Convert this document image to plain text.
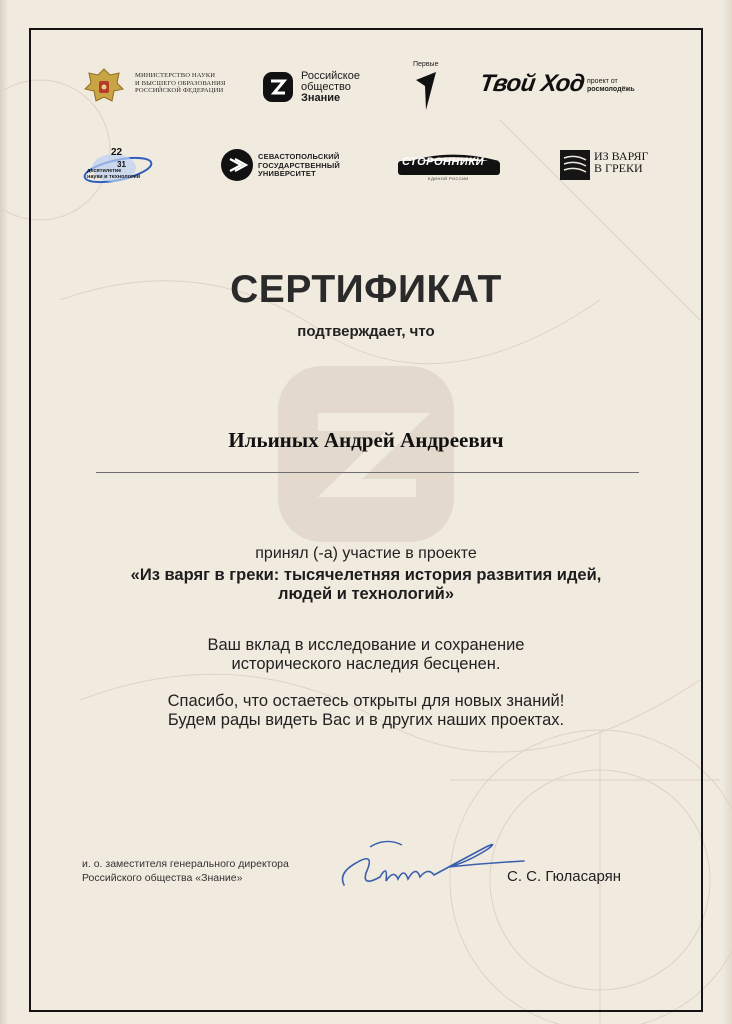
МИНИСТЕРСТВО НАУКИ
И ВЫСШЕГО ОБРАЗОВАНИЯ
РОССИЙСКОЙ ФЕДЕРАЦИИ
Российское
общество
Знание
Первые
Твой Ход проект от
росмолодёжь
22
31
десятилетие
науки и технологий
СЕВАСТОПОЛЬСКИЙ
ГОСУДАРСТВЕННЫЙ
УНИВЕРСИТЕТ
СТОРОННИКИ
ЕДИНОЙ РОССИИ
ИЗ ВАРЯГ
В ГРЕКИ
СЕРТИФИКАТ
подтверждает, что
Ильиных Андрей Андреевич
принял (-а) участие в проекте
«Из варяг в греки: тысячелетняя история развития идей,
людей и технологий»
Ваш вклад в исследование и сохранение
исторического наследия бесценен.
Спасибо, что остаетесь открыты для новых знаний!
Будем рады видеть Вас и в других наших проектах.
и. о. заместителя генерального директора
Российского общества «Знание»	С. С. Гюласарян
